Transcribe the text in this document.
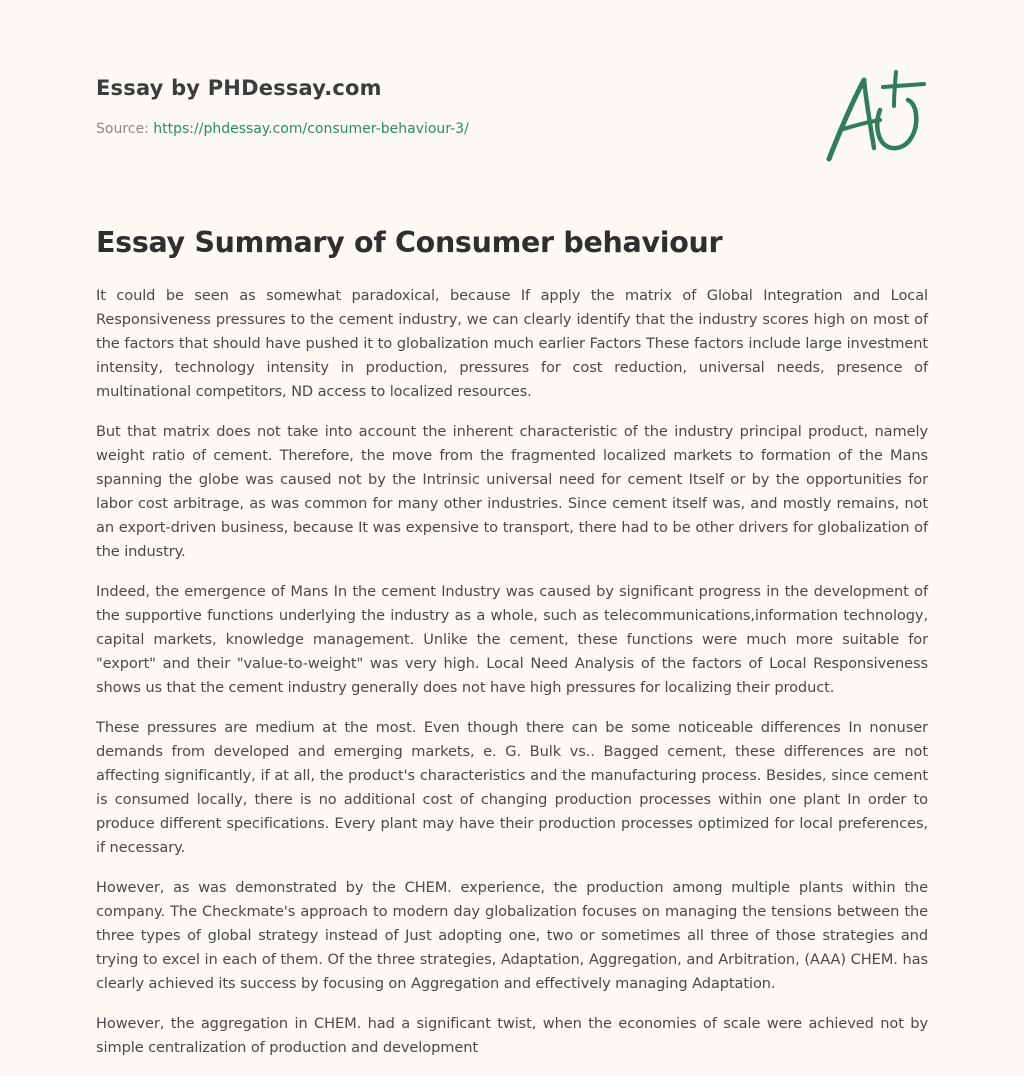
Essay by PHDessay.com
Source: https://phdessay.com/consumer-behaviour-3/
Essay Summary of Consumer behaviour

It could be seen as somewhat paradoxical, because If apply the matrix of Global Integration and Local Responsiveness pressures to the cement industry, we can clearly identify that the industry scores high on most of the factors that should have pushed it to globalization much earlier Factors These factors include large investment intensity, technology intensity in production, pressures for cost reduction, universal needs, presence of multinational competitors, ND access to localized resources.

But that matrix does not take into account the inherent characteristic of the industry principal product, namely weight ratio of cement. Therefore, the move from the fragmented localized markets to formation of the Mans spanning the globe was caused not by the Intrinsic universal need for cement Itself or by the opportunities for labor cost arbitrage, as was common for many other industries. Since cement itself was, and mostly remains, not an export-driven business, because It was expensive to transport, there had to be other drivers for globalization of the industry.

Indeed, the emergence of Mans In the cement Industry was caused by significant progress in the development of the supportive functions underlying the industry as a whole, such as telecommunications,information technology, capital markets, knowledge management. Unlike the cement, these functions were much more suitable for "export" and their "value-to-weight" was very high. Local Need Analysis of the factors of Local Responsiveness shows us that the cement industry generally does not have high pressures for localizing their product.

These pressures are medium at the most. Even though there can be some noticeable differences In nonuser demands from developed and emerging markets, e. G. Bulk vs.. Bagged cement, these differences are not affecting significantly, if at all, the product's characteristics and the manufacturing process. Besides, since cement is consumed locally, there is no additional cost of changing production processes within one plant In order to produce different specifications. Every plant may have their production processes optimized for local preferences, if necessary.

However, as was demonstrated by the CHEM. experience, the production among multiple plants within the company. The Checkmate's approach to modern day globalization focuses on managing the tensions between the three types of global strategy instead of Just adopting one, two or sometimes all three of those strategies and trying to excel in each of them. Of the three strategies, Adaptation, Aggregation, and Arbitration, (AAA) CHEM. has clearly achieved its success by focusing on Aggregation and effectively managing Adaptation.

However, the aggregation in CHEM. had a significant twist, when the economies of scale were achieved not by simple centralization of production and development
